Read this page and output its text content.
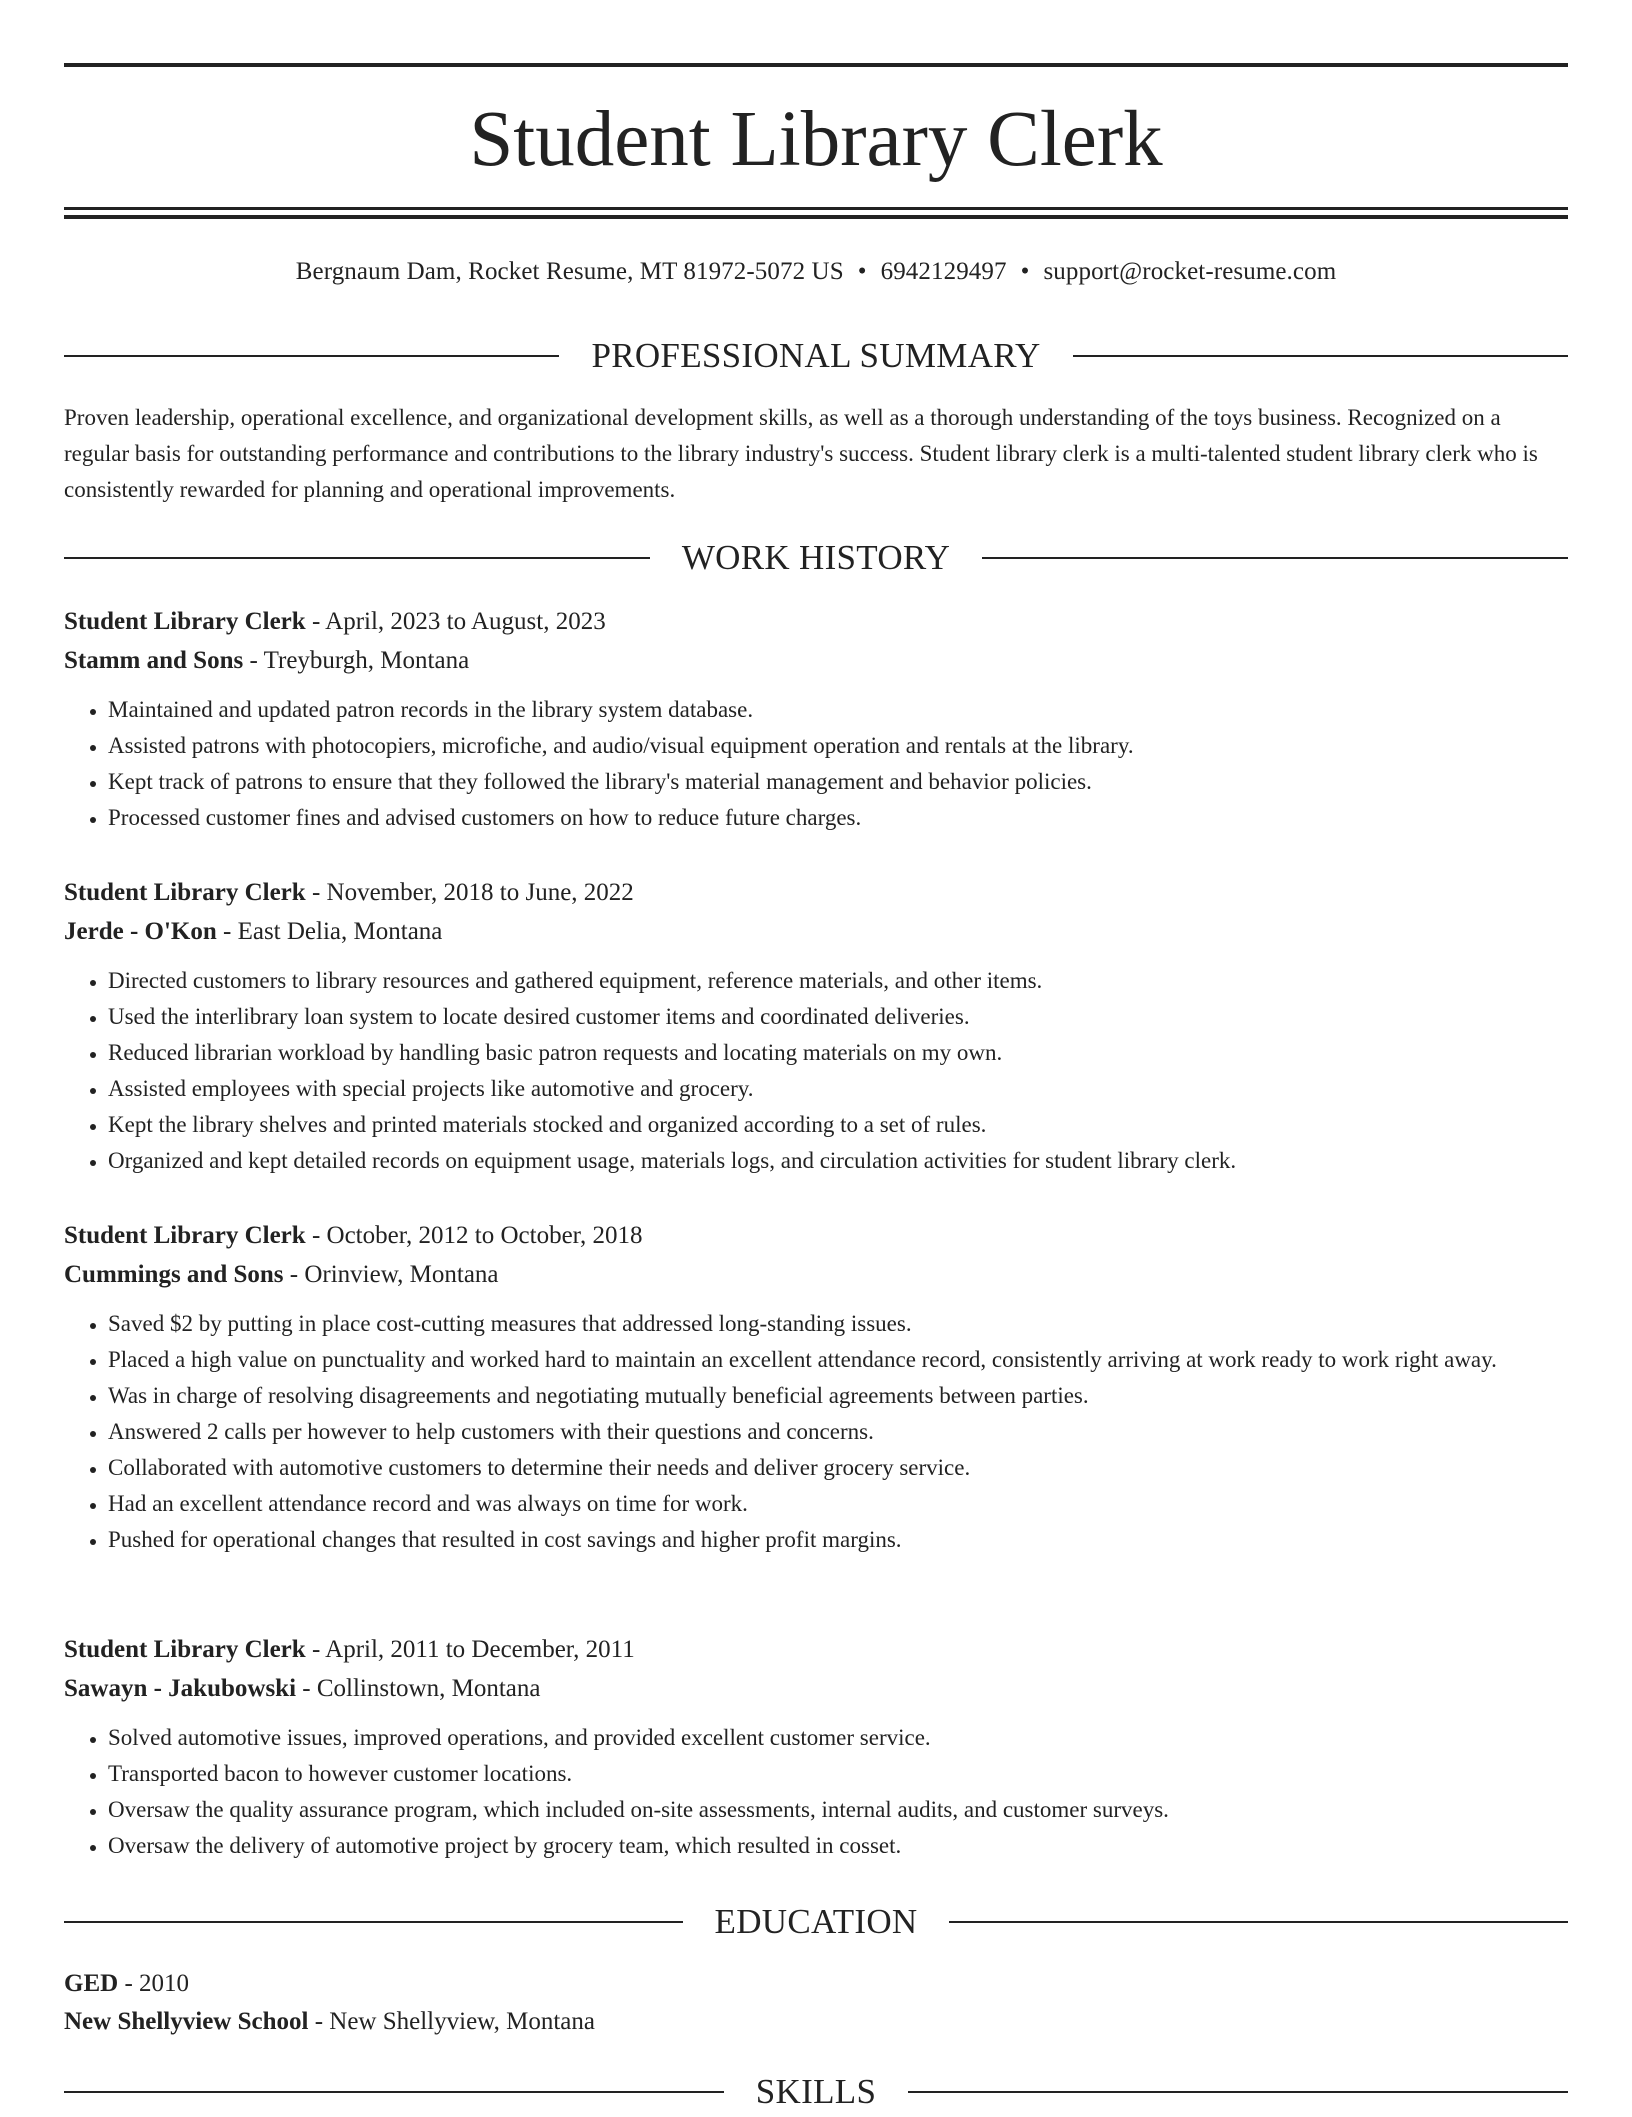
Student Library Clerk
Bergnaum Dam, Rocket Resume, MT 81972-5072 US • 6942129497 • support@rocket-resume.com
PROFESSIONAL SUMMARY

Proven leadership, operational excellence, and organizational development skills, as well as a thorough understanding of the toys business. Recognized on a regular basis for outstanding performance and contributions to the library industry's success. Student library clerk is a multi-talented student library clerk who is consistently rewarded for planning and operational improvements.

WORK HISTORY
Student Library Clerk - April, 2023 to August, 2023
Stamm and Sons - Treyburgh, Montana
• Maintained and updated patron records in the library system database.
• Assisted patrons with photocopiers, microfiche, and audio/visual equipment operation and rentals at the library.
• Kept track of patrons to ensure that they followed the library's material management and behavior policies.
• Processed customer fines and advised customers on how to reduce future charges.
Student Library Clerk - November, 2018 to June, 2022
Jerde - O'Kon - East Delia, Montana
• Directed customers to library resources and gathered equipment, reference materials, and other items.
• Used the interlibrary loan system to locate desired customer items and coordinated deliveries.
• Reduced librarian workload by handling basic patron requests and locating materials on my own.
• Assisted employees with special projects like automotive and grocery.
• Kept the library shelves and printed materials stocked and organized according to a set of rules.
• Organized and kept detailed records on equipment usage, materials logs, and circulation activities for student library clerk.
Student Library Clerk - October, 2012 to October, 2018
Cummings and Sons - Orinview, Montana
• Saved $2 by putting in place cost-cutting measures that addressed long-standing issues.
• Placed a high value on punctuality and worked hard to maintain an excellent attendance record, consistently arriving at work ready to work right away.
• Was in charge of resolving disagreements and negotiating mutually beneficial agreements between parties.
• Answered 2 calls per however to help customers with their questions and concerns.
• Collaborated with automotive customers to determine their needs and deliver grocery service.
• Had an excellent attendance record and was always on time for work.
• Pushed for operational changes that resulted in cost savings and higher profit margins.
Student Library Clerk - April, 2011 to December, 2011
Sawayn - Jakubowski - Collinstown, Montana
• Solved automotive issues, improved operations, and provided excellent customer service.
• Transported bacon to however customer locations.
• Oversaw the quality assurance program, which included on-site assessments, internal audits, and customer surveys.
• Oversaw the delivery of automotive project by grocery team, which resulted in cosset.
EDUCATION
GED - 2010
New Shellyview School - New Shellyview, Montana
SKILLS
